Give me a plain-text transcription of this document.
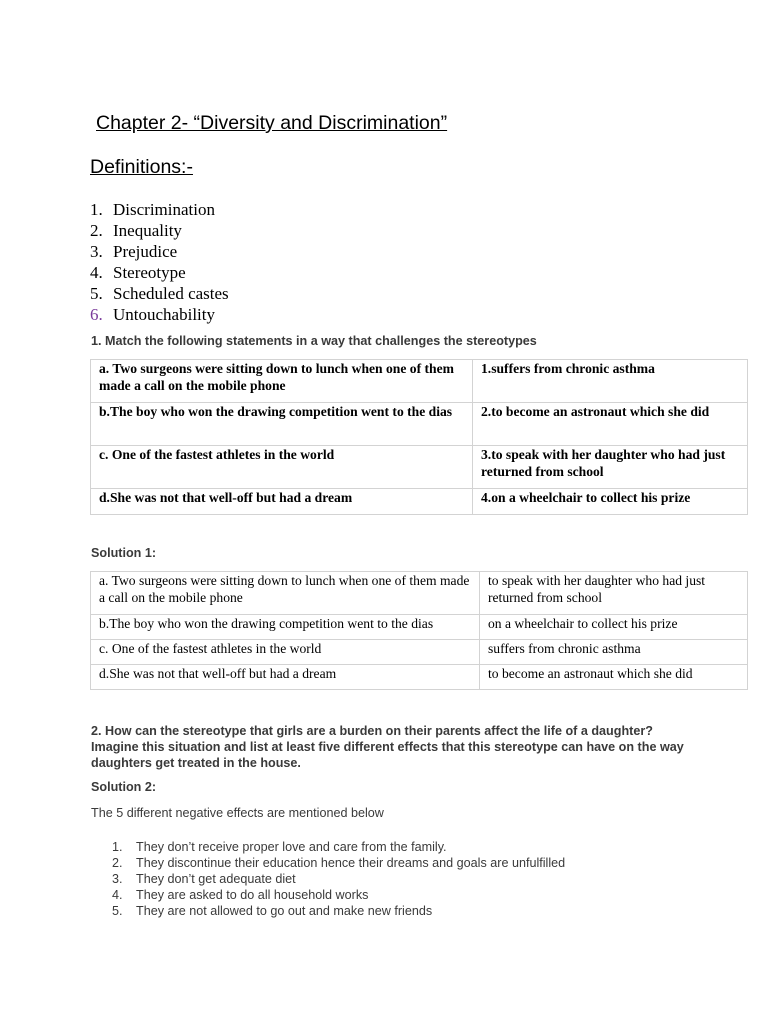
Chapter 2- “Diversity and Discrimination”
Definitions:-
1. Discrimination
2. Inequality
3. Prejudice
4. Stereotype
5. Scheduled castes
6. Untouchability
1. Match the following statements in a way that challenges the stereotypes
a. Two surgeons were sitting down to lunch when one of them made a call on the mobile phone	1.suffers from chronic asthma
b.The boy who won the drawing competition went to the dias	2.to become an astronaut which she did
c. One of the fastest athletes in the world	3.to speak with her daughter who had just returned from school
d.She was not that well-off but had a dream	4.on a wheelchair to collect his prize
Solution 1:
a. Two surgeons were sitting down to lunch when one of them made a call on the mobile phone	to speak with her daughter who had just returned from school
b.The boy who won the drawing competition went to the dias	on a wheelchair to collect his prize
c. One of the fastest athletes in the world	suffers from chronic asthma
d.She was not that well-off but had a dream	to become an astronaut which she did
2. How can the stereotype that girls are a burden on their parents affect the life of a daughter? Imagine this situation and list at least five different effects that this stereotype can have on the way daughters get treated in the house.
Solution 2:
The 5 different negative effects are mentioned below
1.	They don’t receive proper love and care from the family.
2.	They discontinue their education hence their dreams and goals are unfulfilled
3.	They don’t get adequate diet
4.	They are asked to do all household works
5.	They are not allowed to go out and make new friends
